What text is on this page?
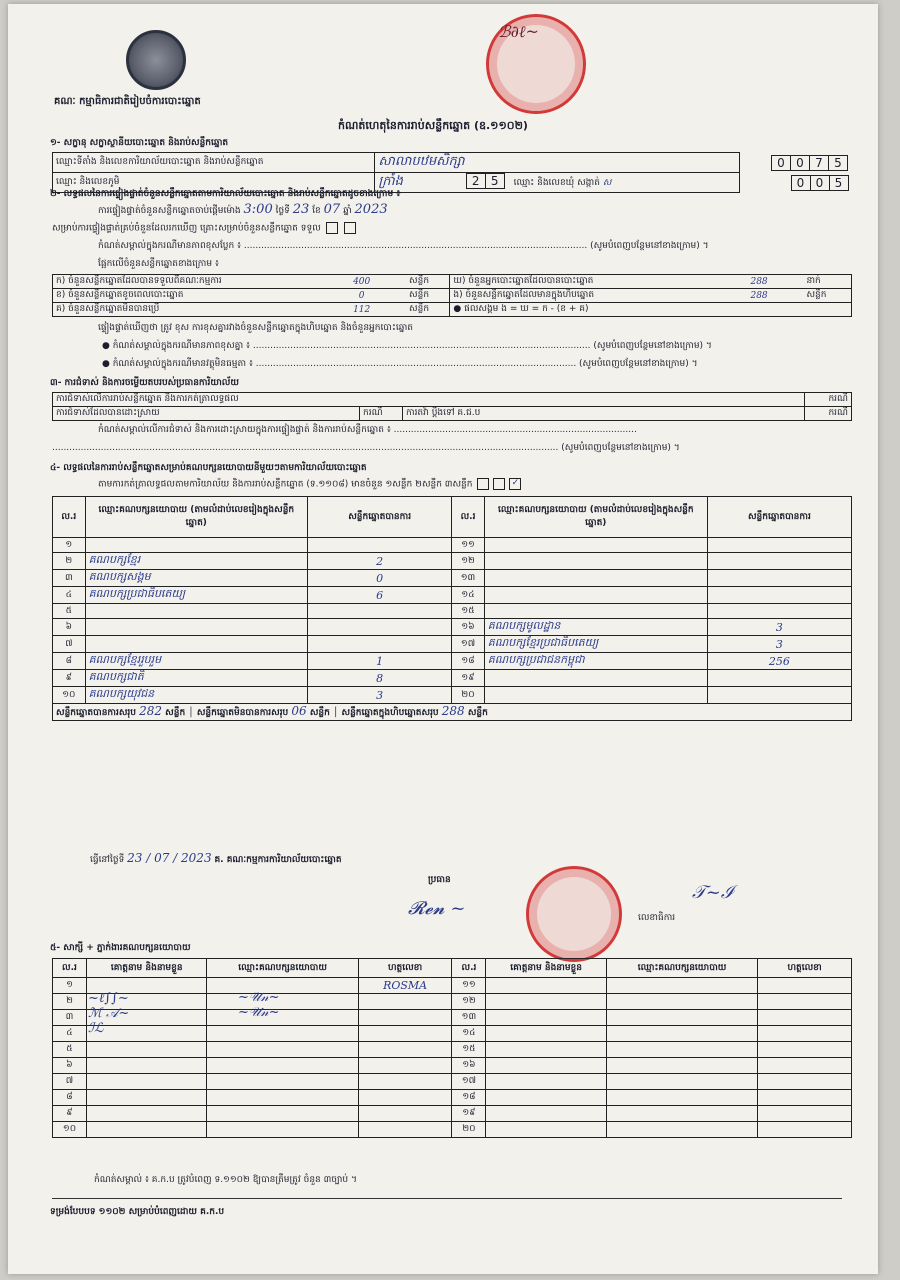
គណៈ កម្មាធិការជាតិរៀបចំការបោះឆ្នោត
ℬ∂ℓ~
កំណត់ហេតុនៃការរាប់សន្លឹកឆ្នោត (ឧ.១១០២)
១- សក្ខានុ សក្ខាស្ថានីយបោះឆ្នោត និងរាប់សន្លឹកឆ្នោត
ឈ្មោះទីតាំង និងលេខការិយាល័យបោះឆ្នោត និងរាប់សន្លឹកឆ្នោត	សាលាបឋមសិក្សា	0 0 7 5
ឈ្មោះ និងលេខភូមិ	ក្រាំង 2 5 ឈ្មោះ និងលេខឃុំ សង្កាត់ ស	0 0 5
២- លទ្ធផលនៃការផ្ទៀងផ្ទាត់ចំនួនសន្លឹកឆ្នោតតាមការិយាល័យបោះឆ្នោត និងរាប់សន្លឹកឆ្នោតដូចខាងក្រោម ៖
ការផ្ទៀងផ្ទាត់ចំនួនសន្លឹកឆ្នោតចាប់ផ្តើមម៉ោង 3:00 ថ្ងៃទី 23 ខែ 07 ឆ្នាំ 2023
សម្រាប់ការផ្ទៀងផ្ទាត់គ្រប់ចំនួនដែលរកឃើញ គ្រោះសម្រាប់ចំនួនសន្លឹកឆ្នោត ទទួល
កំណត់សម្គាល់ក្នុងករណីមានភាពខុសប្លែក ៖ ........................................................................................................................ (សូមបំពេញបន្ថែមនៅខាងក្រោម) ។
ផ្អែកលើចំនួនសន្លឹកឆ្នោតខាងក្រោម ៖
ក) ចំនួនសន្លឹកឆ្នោតដែលបានទទួលពីគណៈកម្មការ	400	សន្លឹក	ឃ) ចំនួនអ្នកបោះឆ្នោតដែលបានបោះឆ្នោត	288	នាក់
ខ) ចំនួនសន្លឹកឆ្នោតខូចពេលបោះឆ្នោត	0	សន្លឹក	ង) ចំនួនសន្លឹកឆ្នោតដែលមានក្នុងហិបឆ្នោត	288	សន្លឹក
គ) ចំនួនសន្លឹកឆ្នោតមិនបានប្រើ	112	សន្លឹក	● ផលសង្គម ង = ឃ = ក - (ខ + គ)		
ផ្ទៀងផ្ទាត់ឃើញថា ត្រូវ ខុស ការខុសគ្នារវាងចំនួនសន្លឹកឆ្នោតក្នុងហិបឆ្នោត និងចំនួនអ្នកបោះឆ្នោត
● កំណត់សម្គាល់ក្នុងករណីមានភាពខុសគ្នា ៖ ...................................................................................................................... (សូមបំពេញបន្ថែមនៅខាងក្រោម) ។
● កំណត់សម្គាល់ក្នុងករណីមានវត្ថុមិនធម្មតា ៖ ................................................................................................................ (សូមបំពេញបន្ថែមនៅខាងក្រោម) ។
៣- ការជំទាស់ និងការចម្លើយតបរបស់ប្រធានការិយាល័យ
ការជំទាស់លើការរាប់សន្លឹកឆ្នោត និងការកត់ត្រាលទ្ធផល			ករណី
ការជំទាស់ដែលបានដោះស្រាយ	ករណី	ការតវ៉ា ប្តឹងទៅ គ.ជ.ប	ករណី
កំណត់សម្គាល់លើការជំទាស់ និងការដោះស្រាយក្នុងការផ្ទៀងផ្ទាត់ និងការរាប់សន្លឹកឆ្នោត ៖ .....................................................................................
................................................................................................................................................................................. (សូមបំពេញបន្ថែមនៅខាងក្រោម) ។
៤- លទ្ធផលនៃការរាប់សន្លឹកឆ្នោតសម្រាប់គណបក្សនយោបាយនីមួយៗតាមការិយាល័យបោះឆ្នោត
តាមការកត់ត្រាលទ្ធផលតាមការិយាល័យ និងការរាប់សន្លឹកឆ្នោត (ទ.១១០៨) មានចំនួន ១សន្លឹក ២សន្លឹក ៣សន្លឹក	✓
ល.រ	ឈ្មោះគណបក្សនយោបាយ (តាមលំដាប់លេខរៀងក្នុងសន្លឹកឆ្នោត)	សន្លឹកឆ្នោតបានការ	ល.រ	ឈ្មោះគណបក្សនយោបាយ (តាមលំដាប់លេខរៀងក្នុងសន្លឹកឆ្នោត)	សន្លឹកឆ្នោតបានការ
១			១១		
២	គណបក្សខ្មែរ	2	១២		
៣	គណបក្សសង្គម	0	១៣		
៤	គណបក្សប្រជាធិបតេយ្យ	6	១៤		
៥			១៥		
៦			១៦	គណបក្សមូលដ្ឋាន	3
៧			១៧	គណបក្សខ្មែរប្រជាធិបតេយ្យ	3
៨	គណបក្សខ្មែររួបរួម	1	១៨	គណបក្សប្រជាជនកម្ពុជា	256
៩	គណបក្សជាតិ	8	១៩		
១០	គណបក្សយុវជន	3	២០		
សន្លឹកឆ្នោតបានការសរុប 282 សន្លឹក │ សន្លឹកឆ្នោតមិនបានការសរុប 06 សន្លឹក │ សន្លឹកឆ្នោតក្នុងហិបឆ្នោតសរុប 288 សន្លឹក					
ធ្វើនៅថ្ងៃទី 23 / 07 / 2023 គ. គណៈកម្មការការិយាល័យបោះឆ្នោត
ប្រធាន
𝓡𝓮𝓷 ~	លេខាធិការ
𝒯~ℐ
៥- សាក្សី + ភ្នាក់ងារគណបក្សនយោបាយ
ល.រ	គោត្តនាម និងនាមខ្លួន	ឈ្មោះគណបក្សនយោបាយ	ហត្ថលេខា	ល.រ	គោត្តនាម និងនាមខ្លួន	ឈ្មោះគណបក្សនយោបាយ	ហត្ថលេខា
១			ROSMA	១១			
២				១២			
៣				១៣			
៤				១៤			
៥				១៥			
៦				១៦			
៧				១៧			
៨				១៨			
៩				១៩			
១០				២០			
~ℓ∫∫~
ℳ 𝒜~
ℐℒ
~𝒰𝓃~
~𝒰𝓃~
កំណត់សម្គាល់ ៖ គ.ក.ប ត្រូវបំពេញ ទ.១១០២ ឱ្យបានត្រឹមត្រូវ ចំនួន ៣ច្បាប់ ។
ទម្រង់បែបបទ ១១០២ សម្រាប់បំពេញដោយ គ.ក.ប
